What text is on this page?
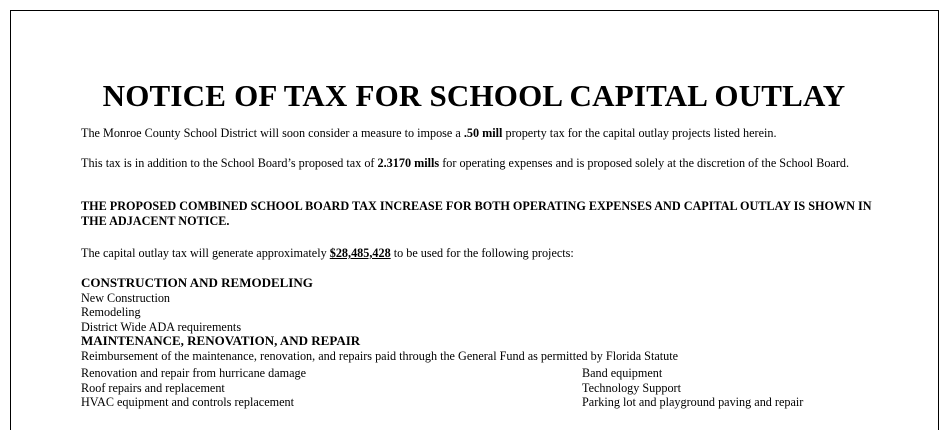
NOTICE OF TAX FOR SCHOOL CAPITAL OUTLAY
The Monroe County School District will soon consider a measure to impose a .50 mill property tax for the capital outlay projects listed herein.
This tax is in addition to the School Board’s proposed tax of 2.3170 mills for operating expenses and is proposed solely at the discretion of the School Board.
THE PROPOSED COMBINED SCHOOL BOARD TAX INCREASE FOR BOTH OPERATING EXPENSES AND CAPITAL OUTLAY IS SHOWN IN THE ADJACENT NOTICE.
The capital outlay tax will generate approximately $28,485,428 to be used for the following projects:
CONSTRUCTION AND REMODELING
New Construction
Remodeling
District Wide ADA requirements
MAINTENANCE, RENOVATION, AND REPAIR
Reimbursement of the maintenance, renovation, and repairs paid through the General Fund as permitted by Florida Statute
Renovation and repair from hurricane damage
Roof repairs and replacement
HVAC equipment and controls replacement
Band equipment
Technology Support
Parking lot and playground paving and repair
